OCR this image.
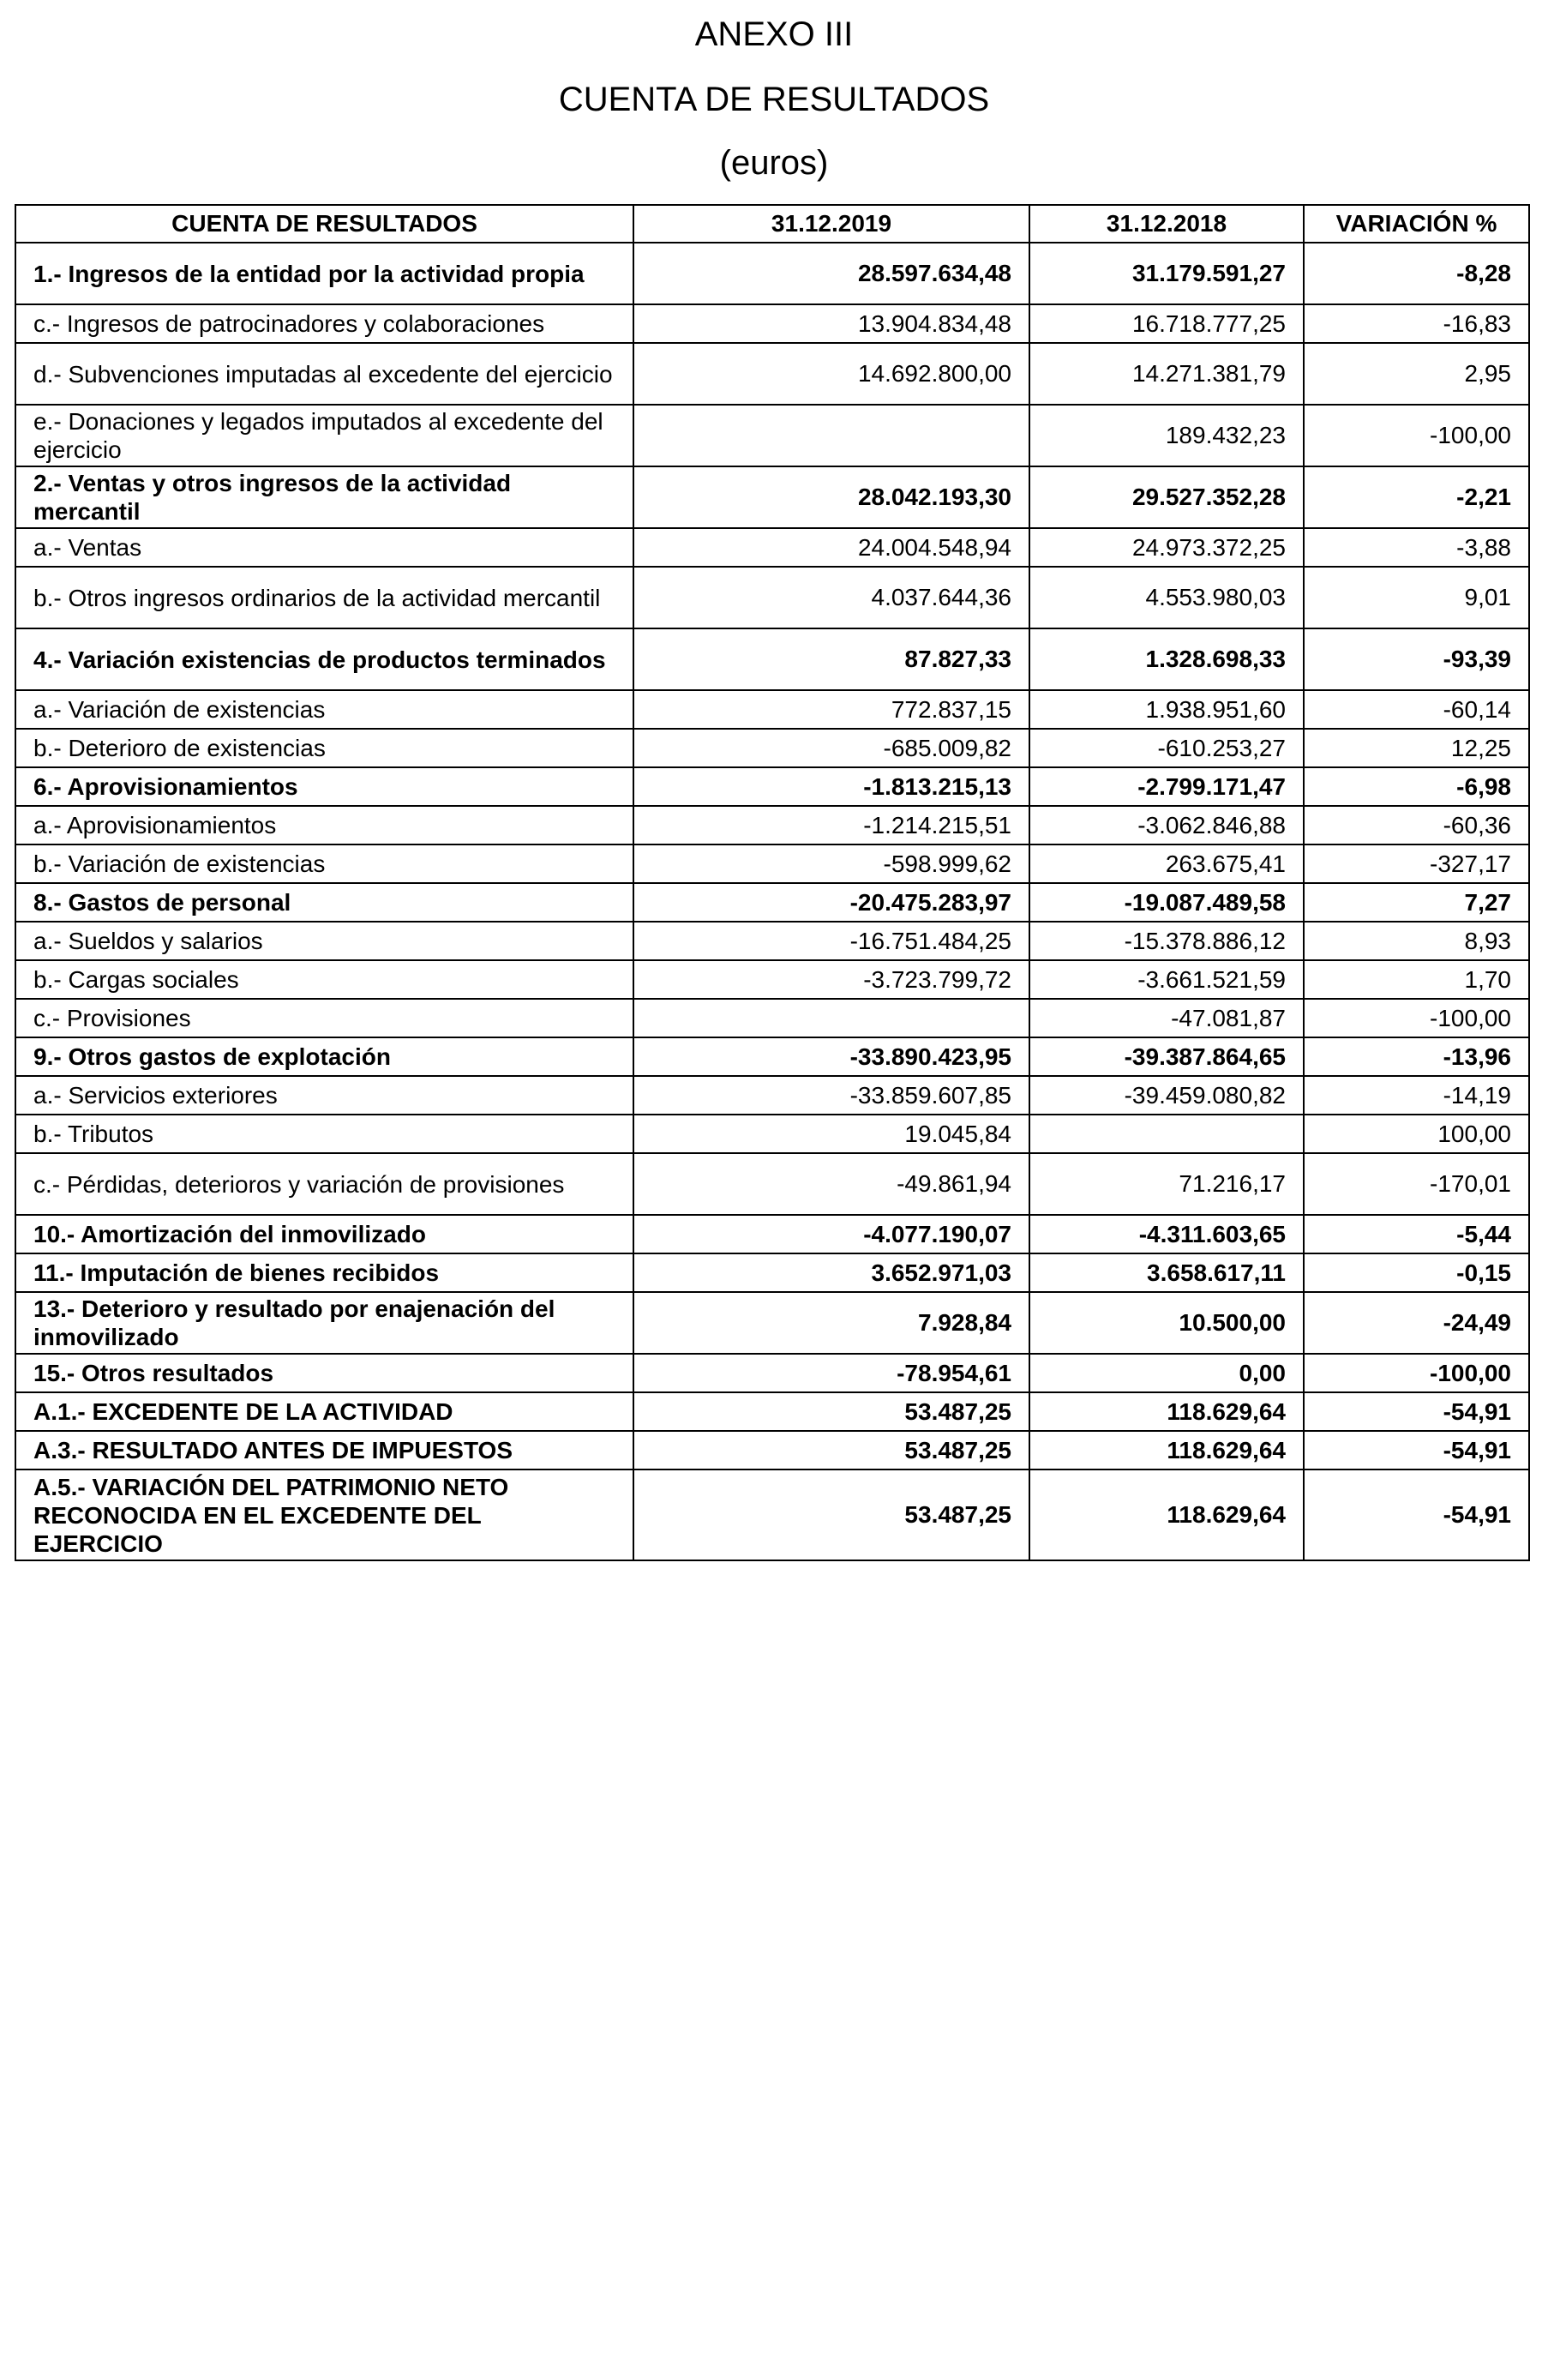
ANEXO III
CUENTA DE RESULTADOS
(euros)
CUENTA DE RESULTADOS	31.12.2019	31.12.2018	VARIACIÓN %
1.- Ingresos de la entidad por la actividad propia	28.597.634,48	31.179.591,27	-8,28
c.- Ingresos de patrocinadores y colaboraciones	13.904.834,48	16.718.777,25	-16,83
d.- Subvenciones imputadas al excedente del ejercicio	14.692.800,00	14.271.381,79	2,95
e.- Donaciones y legados imputados al excedente del ejercicio		189.432,23	-100,00
2.- Ventas y otros ingresos de la actividad mercantil	28.042.193,30	29.527.352,28	-2,21
a.- Ventas	24.004.548,94	24.973.372,25	-3,88
b.- Otros ingresos ordinarios de la actividad mercantil	4.037.644,36	4.553.980,03	9,01
4.- Variación existencias de productos terminados	87.827,33	1.328.698,33	-93,39
a.- Variación de existencias	772.837,15	1.938.951,60	-60,14
b.- Deterioro de existencias	-685.009,82	-610.253,27	12,25
6.- Aprovisionamientos	-1.813.215,13	-2.799.171,47	-6,98
a.- Aprovisionamientos	-1.214.215,51	-3.062.846,88	-60,36
b.- Variación de existencias	-598.999,62	263.675,41	-327,17
8.- Gastos de personal	-20.475.283,97	-19.087.489,58	7,27
a.- Sueldos y salarios	-16.751.484,25	-15.378.886,12	8,93
b.- Cargas sociales	-3.723.799,72	-3.661.521,59	1,70
c.- Provisiones		-47.081,87	-100,00
9.- Otros gastos de explotación	-33.890.423,95	-39.387.864,65	-13,96
a.- Servicios exteriores	-33.859.607,85	-39.459.080,82	-14,19
b.- Tributos	19.045,84		100,00
c.- Pérdidas, deterioros y variación de provisiones	-49.861,94	71.216,17	-170,01
10.- Amortización del inmovilizado	-4.077.190,07	-4.311.603,65	-5,44
11.- Imputación de bienes recibidos	3.652.971,03	3.658.617,11	-0,15
13.- Deterioro y resultado por enajenación del inmovilizado	7.928,84	10.500,00	-24,49
15.- Otros resultados	-78.954,61	0,00	-100,00
A.1.- EXCEDENTE DE LA ACTIVIDAD	53.487,25	118.629,64	-54,91
A.3.- RESULTADO ANTES DE IMPUESTOS	53.487,25	118.629,64	-54,91
A.5.- VARIACIÓN DEL PATRIMONIO NETO RECONOCIDA EN EL EXCEDENTE DEL EJERCICIO	53.487,25	118.629,64	-54,91
